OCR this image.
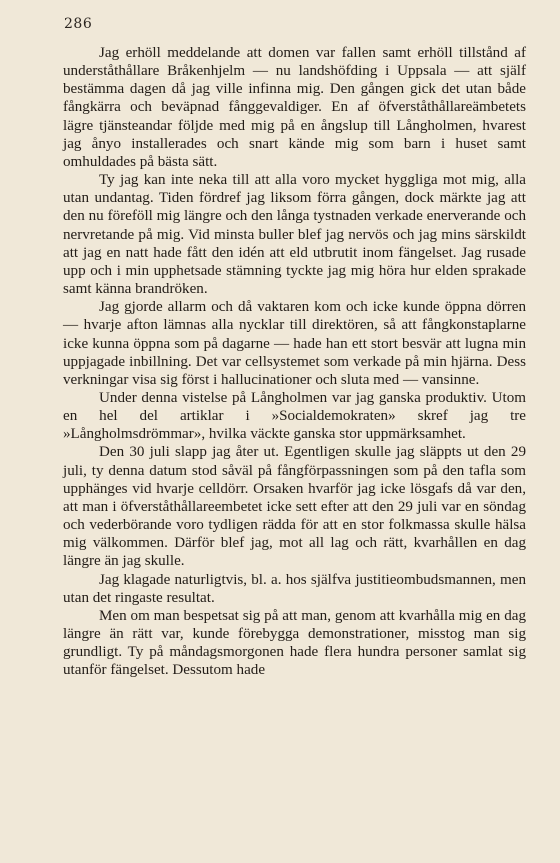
286

Jag erhöll meddelande att domen var fallen samt erhöll tillstånd af underståthållare Bråkenhjelm — nu landshöfding i Uppsala — att själf bestämma dagen då jag ville infinna mig. Den gången gick det utan både fångkärra och beväpnad fånggevaldiger. En af öfverståthållareämbetets lägre tjänsteandar följde med mig på en ångslup till Långholmen, hvarest jag ånyo installerades och snart kände mig som barn i huset samt omhuldades på bästa sätt.

Ty jag kan inte neka till att alla voro mycket hyggliga mot mig, alla utan undantag. Tiden fördref jag liksom förra gången, dock märkte jag att den nu föreföll mig längre och den långa tystnaden verkade enerverande och nervretande på mig. Vid minsta buller blef jag nervös och jag mins särskildt att jag en natt hade fått den idén att eld utbrutit inom fängelset. Jag rusade upp och i min upphetsade stämning tyckte jag mig höra hur elden sprakade samt känna brandröken.

Jag gjorde allarm och då vaktaren kom och icke kunde öppna dörren — hvarje afton lämnas alla nycklar till direktören, så att fångkonstaplarne icke kunna öppna som på dagarne — hade han ett stort besvär att lugna min uppjagade inbillning. Det var cellsystemet som verkade på min hjärna. Dess verkningar visa sig först i hallucinationer och sluta med — vansinne.

Under denna vistelse på Långholmen var jag ganska produktiv. Utom en hel del artiklar i »Socialdemokraten» skref jag tre »Långholmsdrömmar», hvilka väckte ganska stor uppmärksamhet.

Den 30 juli slapp jag åter ut. Egentligen skulle jag släppts ut den 29 juli, ty denna datum stod såväl på fångförpassningen som på den tafla som upphänges vid hvarje celldörr. Orsaken hvarför jag icke lösgafs då var den, att man i öfverståthållareembetet icke sett efter att den 29 juli var en söndag och vederbörande voro tydligen rädda för att en stor folkmassa skulle hälsa mig välkommen. Därför blef jag, mot all lag och rätt, kvarhållen en dag längre än jag skulle.

Jag klagade naturligtvis, bl. a. hos själfva justitieombudsmannen, men utan det ringaste resultat.

Men om man bespetsat sig på att man, genom att kvarhålla mig en dag längre än rätt var, kunde förebygga demonstrationer, misstog man sig grundligt. Ty på måndagsmorgonen hade flera hundra personer samlat sig utanför fängelset. Dessutom hade
